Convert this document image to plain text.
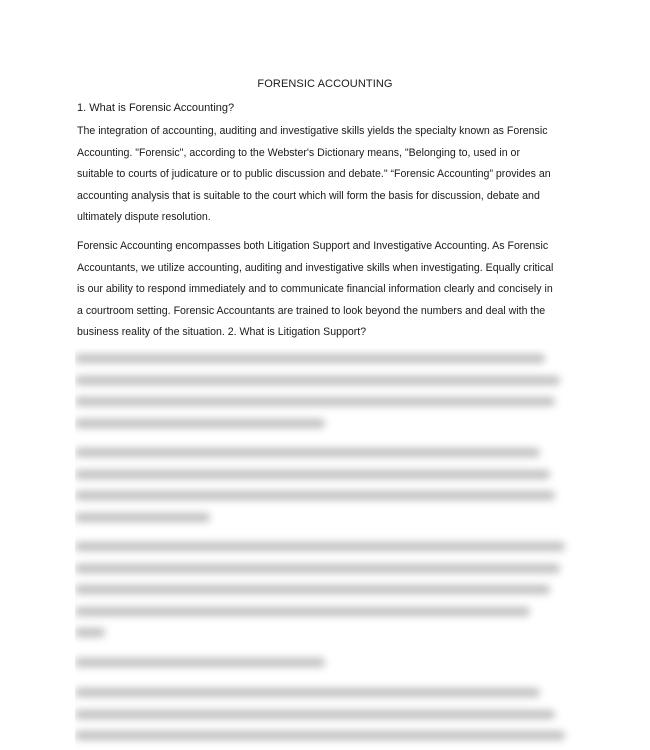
FORENSIC ACCOUNTING
1. What is Forensic Accounting?

The integration of accounting, auditing and investigative skills yields the specialty known as Forensic Accounting. "Forensic", according to the Webster's Dictionary means, "Belonging to, used in or suitable to courts of judicature or to public discussion and debate." “Forensic Accounting” provides an accounting analysis that is suitable to the court which will form the basis for discussion, debate and ultimately dispute resolution.

Forensic Accounting encompasses both Litigation Support and Investigative Accounting. As Forensic Accountants, we utilize accounting, auditing and investigative skills when investigating. Equally critical is our ability to respond immediately and to communicate financial information clearly and concisely in a courtroom setting. Forensic Accountants are trained to look beyond the numbers and deal with the business reality of the situation. 2. What is Litigation Support?
